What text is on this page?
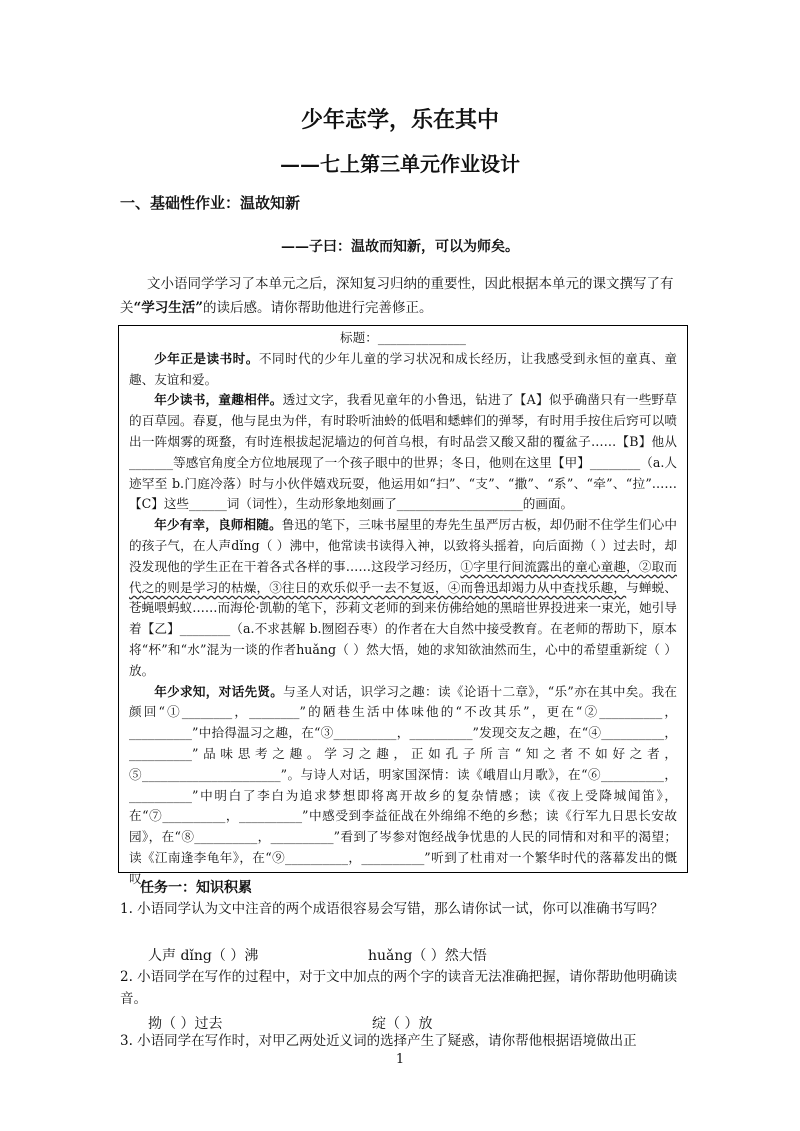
少年志学，乐在其中
——七上第三单元作业设计
一、基础性作业：温故知新
——子曰：温故而知新，可以为师矣。

文小语同学学习了本单元之后，深知复习归纳的重要性，因此根据本单元的课文撰写了有关“学习生活”的读后感。请你帮助他进行完善修正。

标题：______________

少年正是读书时。不同时代的少年儿童的学习状况和成长经历，让我感受到永恒的童真、童趣、友谊和爱。

年少读书，童趣相伴。透过文字，我看见童年的小鲁迅，钻进了【A】似乎确凿只有一些野草的百草园。春夏，他与昆虫为伴，有时聆听油蛉的低唱和蟋蟀们的弹琴，有时用手按住后窍可以喷出一阵烟雾的斑蝥，有时连根拔起泥墙边的何首乌根，有时品尝又酸又甜的覆盆子……【B】他从_______等感官角度全方位地展现了一个孩子眼中的世界；冬日，他则在这里【甲】________（a.人迹罕至 b.门庭冷落）时与小伙伴嬉戏玩耍，他运用如“扫”、“支”、“撒”、“系”、“牵”、“拉”……【C】这些______词（词性），生动形象地刻画了____________________的画面。

年少有幸，良师相随。鲁迅的笔下，三味书屋里的寿先生虽严厉古板，却仍耐不住学生们心中的孩子气，在人声dǐng（ ）沸中，他常读书读得入神，以致将头摇着，向后面拗（ ）过去时，却没发现他的学生正在干着各式各样的事……这段学习经历，①字里行间流露出的童心童趣，②取而代之的则是学习的枯燥，③往日的欢乐似乎一去不复返，④而鲁迅却竭力从中查找乐趣，与蝉蜕、苍蝇喂蚂蚁……而海伦·凯勒的笔下，莎莉文老师的到来仿佛给她的黑暗世界投进来一束光，她引导着【乙】________（a.不求甚解 b.囫囵吞枣）的作者在大自然中接受教育。在老师的帮助下，原本将“杯”和“水”混为一谈的作者huǎng（ ）然大悟，她的求知欲油然而生，心中的希望重新绽（ ）放。

年少求知，对话先贤。与圣人对话，识学习之趣：读《论语十二章》，“乐”亦在其中矣。我在颜回“①________，________”的陋巷生活中体味他的“不改其乐”，更在“②__________，__________”中拾得温习之趣，在“③__________，__________”发现交友之趣，在“④__________，__________”品味思考之趣。学习之趣，正如孔子所言“知之者不如好之者，⑤______________________”。与诗人对话，明家国深情：读《峨眉山月歌》，在“⑥__________，__________”中明白了李白为追求梦想即将离开故乡的复杂情感；读《夜上受降城闻笛》，在“⑦__________，__________”中感受到李益征战在外绵绵不绝的乡愁；读《行军九日思长安故园》，在“⑧__________，__________”看到了岑参对饱经战争忧患的人民的同情和对和平的渴望；读《江南逢李龟年》，在“⑨__________，__________”听到了杜甫对一个繁华时代的落幕发出的慨叹。

任务一：知识积累

1. 小语同学认为文中注音的两个成语很容易会写错，那么请你试一试，你可以准确书写吗？

人声 dǐng（ ）沸	huǎng（ ）然大悟

2. 小语同学在写作的过程中，对于文中加点的两个字的读音无法准确把握，请你帮助他明确读音。

拗（ ）过去	绽（ ）放

3. 小语同学在写作时，对甲乙两处近义词的选择产生了疑惑，请你帮他根据语境做出正

1
